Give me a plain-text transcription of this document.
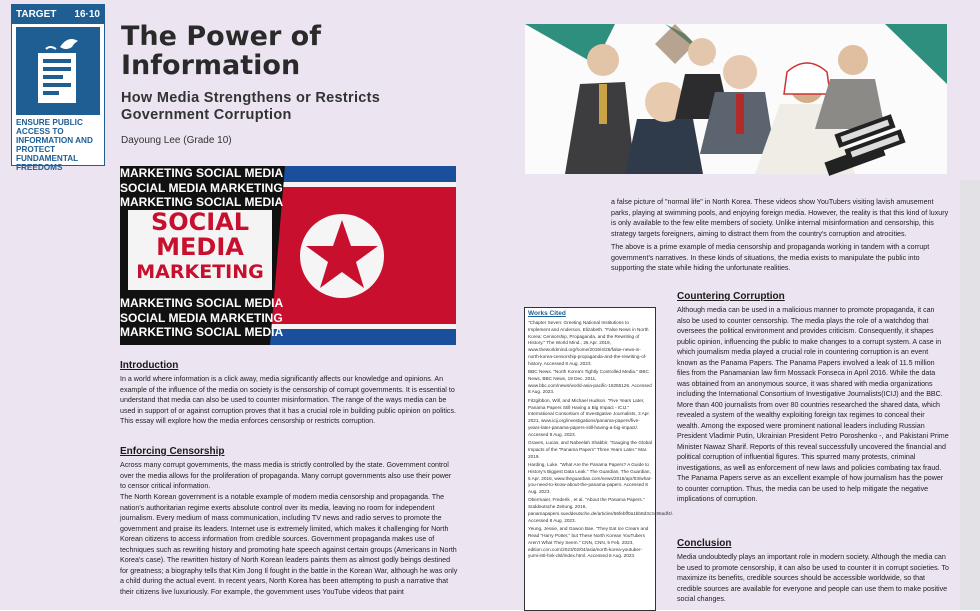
TARGET 16·10
ENSURE PUBLIC ACCESS TO INFORMATION AND PROTECT FUNDAMENTAL FREEDOMS
The Power of
Information
How Media Strengthens or Restricts
Government Corruption
Dayoung Lee (Grade 10)
MARKETING SOCIAL MEDIA
SOCIAL MEDIA MARKETING
MARKETING SOCIAL MEDIA
MARKETING SOCIAL MEDIA
SOCIAL MEDIA MARKETING
MARKETING SOCIAL MEDIA
SOCIAL
MEDIA
MARKETING
Introduction
In a world where information is a click away, media significantly affects our knowledge and opinions. An example of the influence of the media on society is the censorship of corrupt governments. It is essential to understand that media can also be used to counter misinformation. The range of the ways media can be used in support of or against corruption proves that it has a crucial role in building public opinion on politics. This essay will explore how the media enforces censorship or restricts corruption.
Enforcing Censorship
Across many corrupt governments, the mass media is strictly controlled by the state. Government control over the media allows for the proliferation of propaganda. Many corrupt governments also use their power to censor critical information.
The North Korean government is a notable example of modern media censorship and propaganda. The nation's authoritarian regime exerts absolute control over its media, leaving no room for independent journalism. Every medium of mass communication, including TV news and radio serves to promote the government and praise its leaders. Internet use is extremely limited, which makes it challenging for North Korean citizens to access information from credible sources. Government propaganda makes use of techniques such as rewriting history and promoting hate speech against certain groups (Americans in North Korea's case). The rewritten history of North Korean leaders paints them as almost godly beings destined for greatness; a biography tells that Kim Jong Il fought in the battle in the Korean War, although he was only a child during the actual event. In recent years, North Korea has been attempting to push a narrative that their citizens live luxuriously. For example, the government uses YouTube videos that paint
a false picture of "normal life" in North Korea. These videos show YouTubers visiting lavish amusement parks, playing at swimming pools, and enjoying foreign media. However, the reality is that this kind of luxury is only available to the few elite members of society. Unlike internal misinformation and censorship, this strategy targets foreigners, aiming to distract them from the country's corruption and atrocities.
The above is a prime example of media censorship and propaganda working in tandem with a corrupt government's narratives. In these kinds of situations, the media exists to manipulate the public into supporting the state while hiding the unfortunate realities.
Works Cited

"Chapter Seven: Greeting National Institutions to Implement and Anderson, Elizabeth. "False News in North Korea: Censorship, Propaganda, and the Rewriting of History." The World Mind., 26 Apr. 2019, www.theworldmind.org/home/2019/4/26/false-news-in-north-korea-censorship-propaganda-and-the-rewriting-of-history. Accessed 8 Aug. 2023.

BBC News. "North Korea's Tightly Controlled Media." BBC News, BBC News, 19 Dec. 2011, www.bbc.com/news/world-asia-pacific-16255126. Accessed 8 Aug. 2023.

Fitzgibbon, Will, and Michael Hudson. "Five Years Later, Panama Papers Still Having a Big Impact - ICIJ." International Consortium of Investigative Journalists, 3 Apr. 2021, www.icij.org/investigations/panama-papers/five-years-later-panama-papers-still-having-a-big-impact/. Accessed 8 Aug. 2023.

Graves, Lucas, and Nabeelah Shabbir. "Gauging the Global Impacts of the "Panama Papers" Three Years Later." Mar. 2019.

Harding, Luke. "What Are the Panama Papers? A Guide to History's Biggest Data Leak." The Guardian, The Guardian, 5 Apr. 2016, www.theguardian.com/news/2016/apr/03/what-you-need-to-know-about-the-panama-papers. Accessed 8 Aug. 2023.

Obermaier, Frederik , et al. "About the Panama Papers." Süddeutsche Zeitung, 2016, panamapapers.sueddeutsche.de/articles/56febff0a1bb8d3c3495adf4/. Accessed 8 Aug. 2023.

Yeung, Jessie, and Gawon Bae. "They Eat Ice Cream and Read "Harry Potter," but These North Korean YouTubers Aren't What They Seem." CNN, CNN, 5 Feb. 2023, edition.cnn.com/2023/02/04/asia/north-korea-youtuber-yumi-intl-hnk-dst/index.html. Accessed 8 Aug. 2023.

Countering Corruption
Although media can be used in a malicious manner to promote propaganda, it can also be used to counter censorship. The media plays the role of a watchdog that oversees the political environment and provides criticism. Consequently, it shapes public opinion, influencing the public to make changes to a corrupt system. A case in which journalism media played a crucial role in countering corruption is an event known as the Panama Papers. The Panama Papers involved a leak of 11.5 million files from the Panamanian law firm Mossack Fonseca in April 2016. While the data was obtained from an anonymous source, it was shared with media organizations including the International Consortium of Investigative Journalists(ICIJ) and the BBC. More than 400 journalists from over 80 countries researched the shared data, which revealed a system of the wealthy exploiting foreign tax regimes to conceal their wealth. Among the exposed were prominent national leaders including Russian President Vladimir Putin, Ukrainian President Petro Poroshenko -, and Pakistani Prime Minister Nawaz Sharif. Reports of this reveal successfully uncovered the financial and political corruption of influential figures. This spurred many protests, criminal investigations, as well as enforcement of new laws and policies combating tax fraud. The Panama Papers serve as an excellent example of how journalism has the power to counter corruption. Thus, the media can be used to help mitigate the negative implications of corruption.
Conclusion
Media undoubtedly plays an important role in modern society. Although the media can be used to promote censorship, it can also be used to counter it in corrupt societies. To maximize its benefits, credible sources should be accessible worldwide, so that credible sources are available for everyone and people can use them to make positive social changes.
